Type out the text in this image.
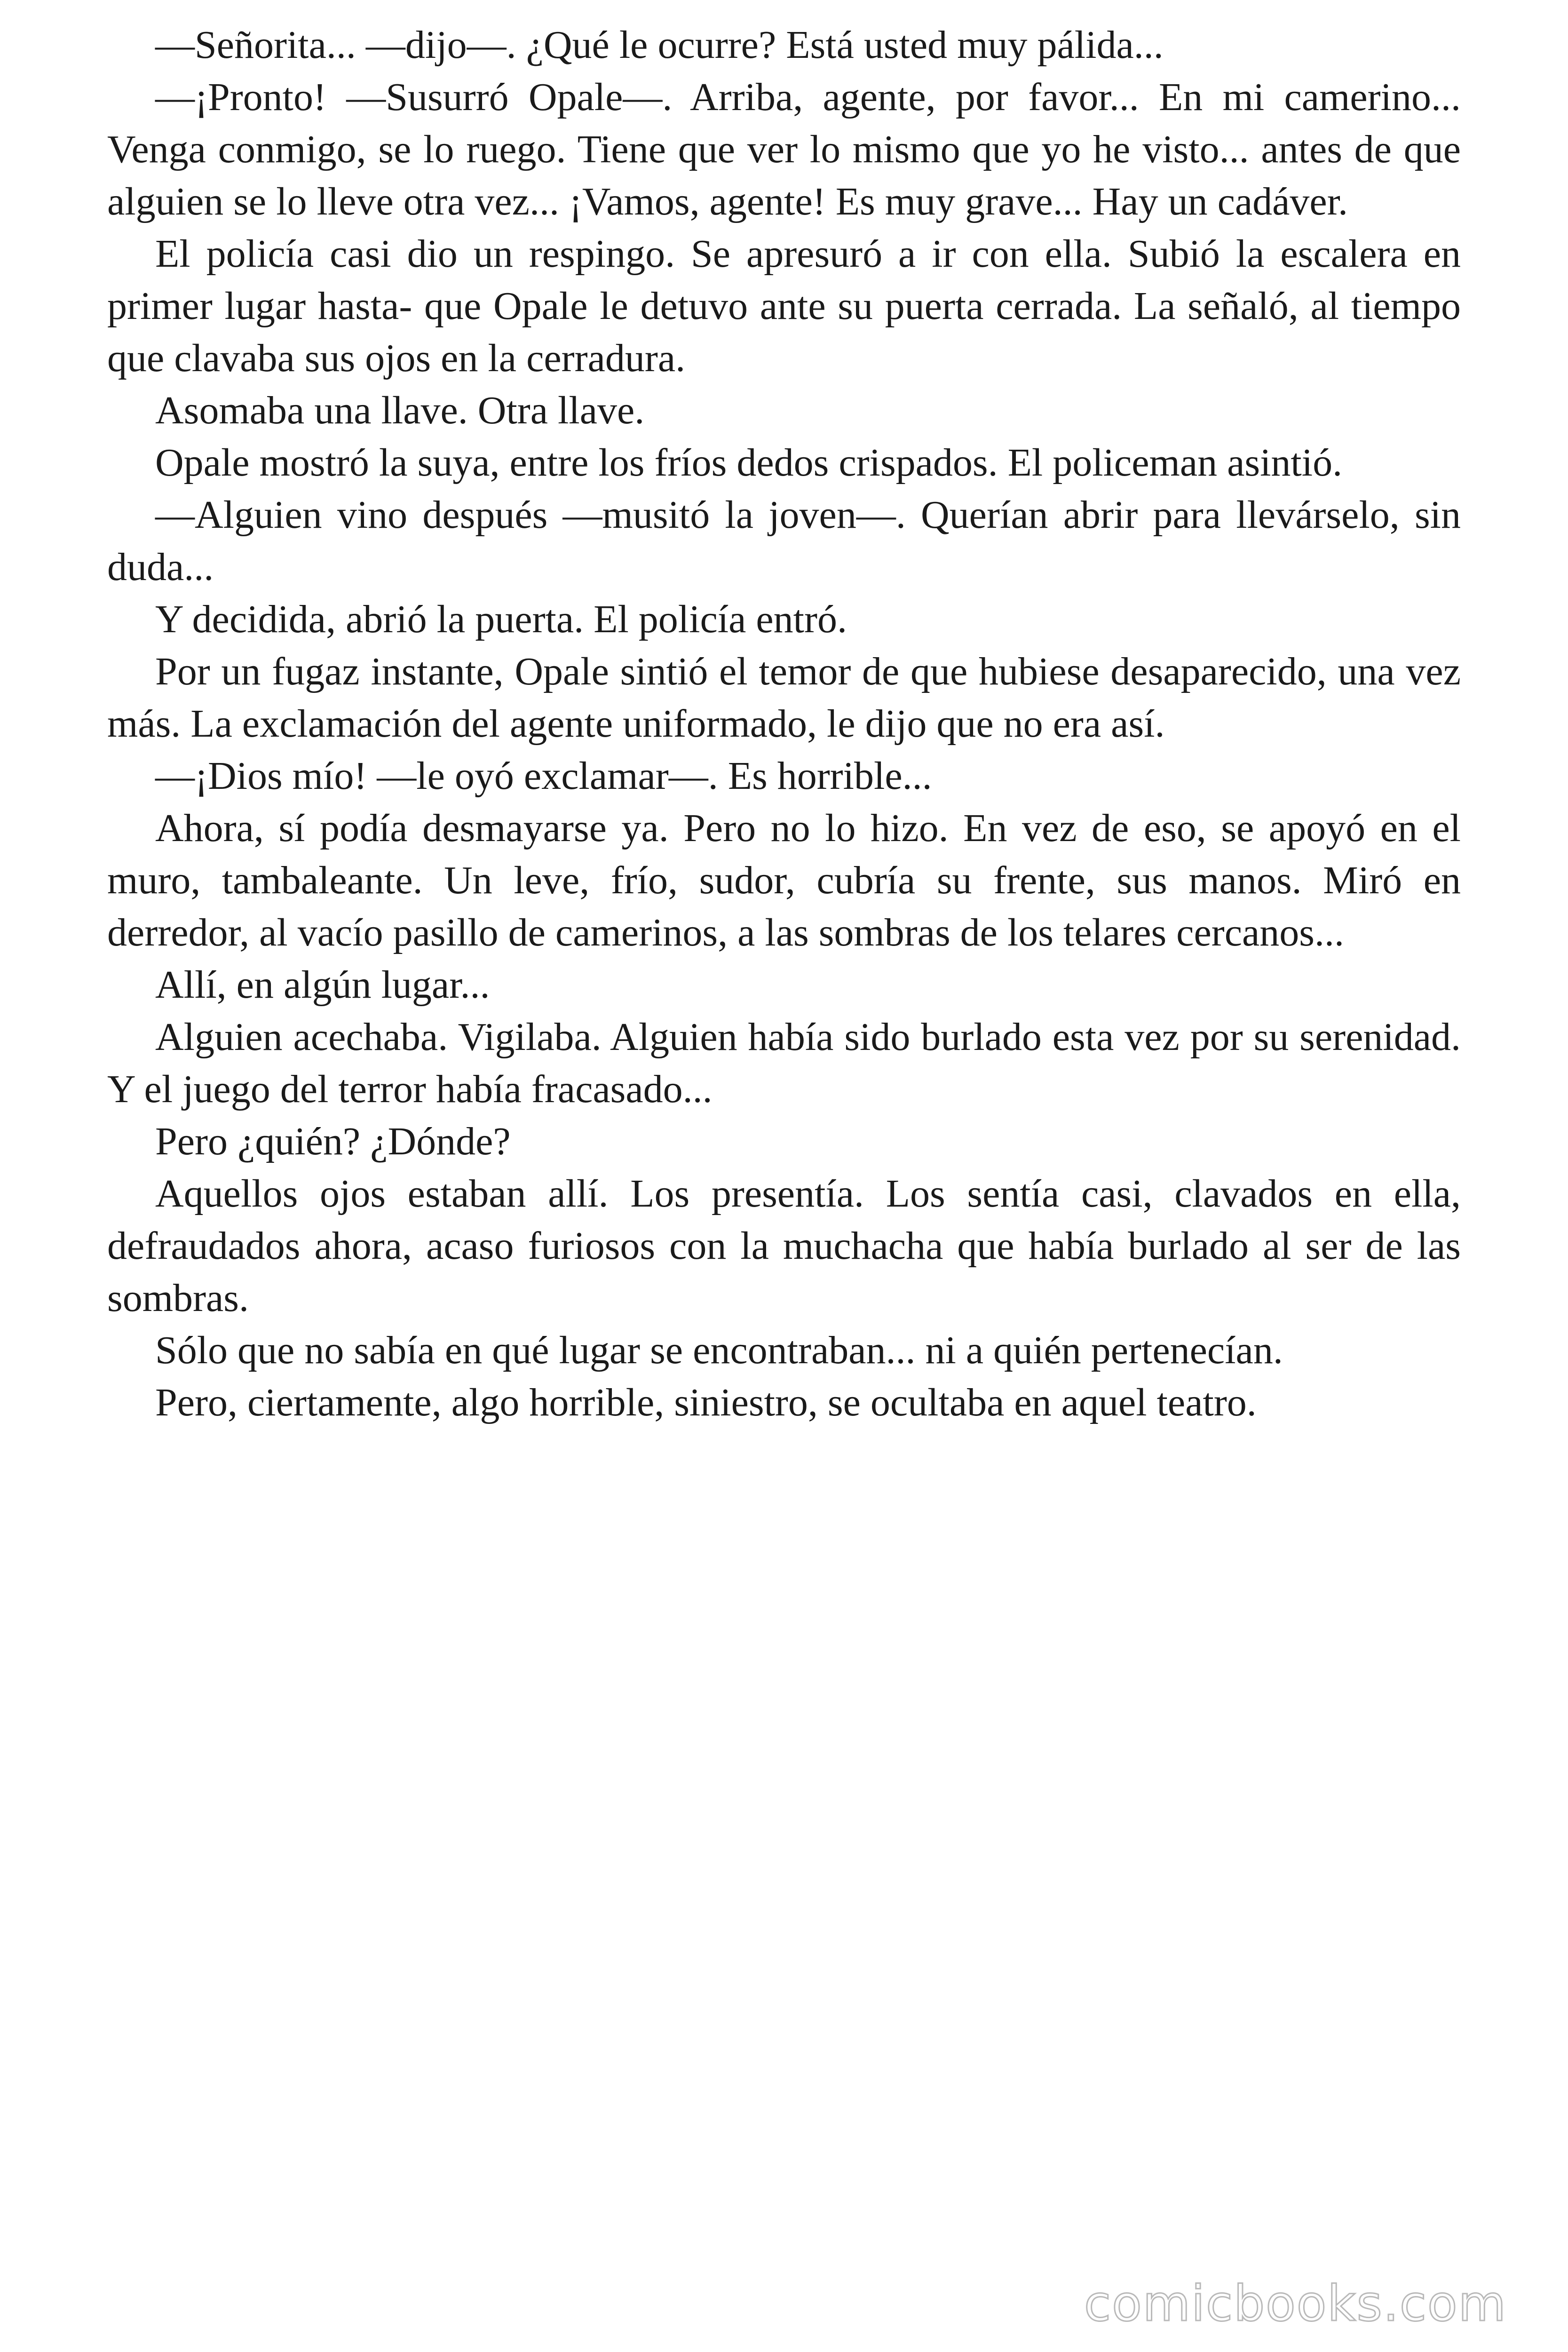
—Señorita... —dijo—. ¿Qué le ocurre? Está usted muy pálida...

—¡Pronto! —Susurró Opale—. Arriba, agente, por favor... En mi camerino... Venga conmigo, se lo ruego. Tiene que ver lo mismo que yo he visto... antes de que alguien se lo lleve otra vez... ¡Vamos, agente! Es muy grave... Hay un cadáver.

El policía casi dio un respingo. Se apresuró a ir con ella. Subió la escalera en primer lugar hasta- que Opale le detuvo ante su puerta cerrada. La señaló, al tiempo que clavaba sus ojos en la cerradura.

Asomaba una llave. Otra llave.

Opale mostró la suya, entre los fríos dedos crispados. El policeman asintió.

—Alguien vino después —musitó la joven—. Querían abrir para llevárselo, sin duda...

Y decidida, abrió la puerta. El policía entró.

Por un fugaz instante, Opale sintió el temor de que hubiese desaparecido, una vez más. La exclamación del agente uniformado, le dijo que no era así.

—¡Dios mío! —le oyó exclamar—. Es horrible...

Ahora, sí podía desmayarse ya. Pero no lo hizo. En vez de eso, se apoyó en el muro, tambaleante. Un leve, frío, sudor, cubría su frente, sus manos. Miró en derredor, al vacío pasillo de camerinos, a las sombras de los telares cercanos...

Allí, en algún lugar...

Alguien acechaba. Vigilaba. Alguien había sido burlado esta vez por su serenidad. Y el juego del terror había fracasado...

Pero ¿quién? ¿Dónde?

Aquellos ojos estaban allí. Los presentía. Los sentía casi, clavados en ella, defraudados ahora, acaso furiosos con la muchacha que había burlado al ser de las sombras.

Sólo que no sabía en qué lugar se encontraban... ni a quién pertenecían.

Pero, ciertamente, algo horrible, siniestro, se ocultaba en aquel teatro.

comicbooks.com
